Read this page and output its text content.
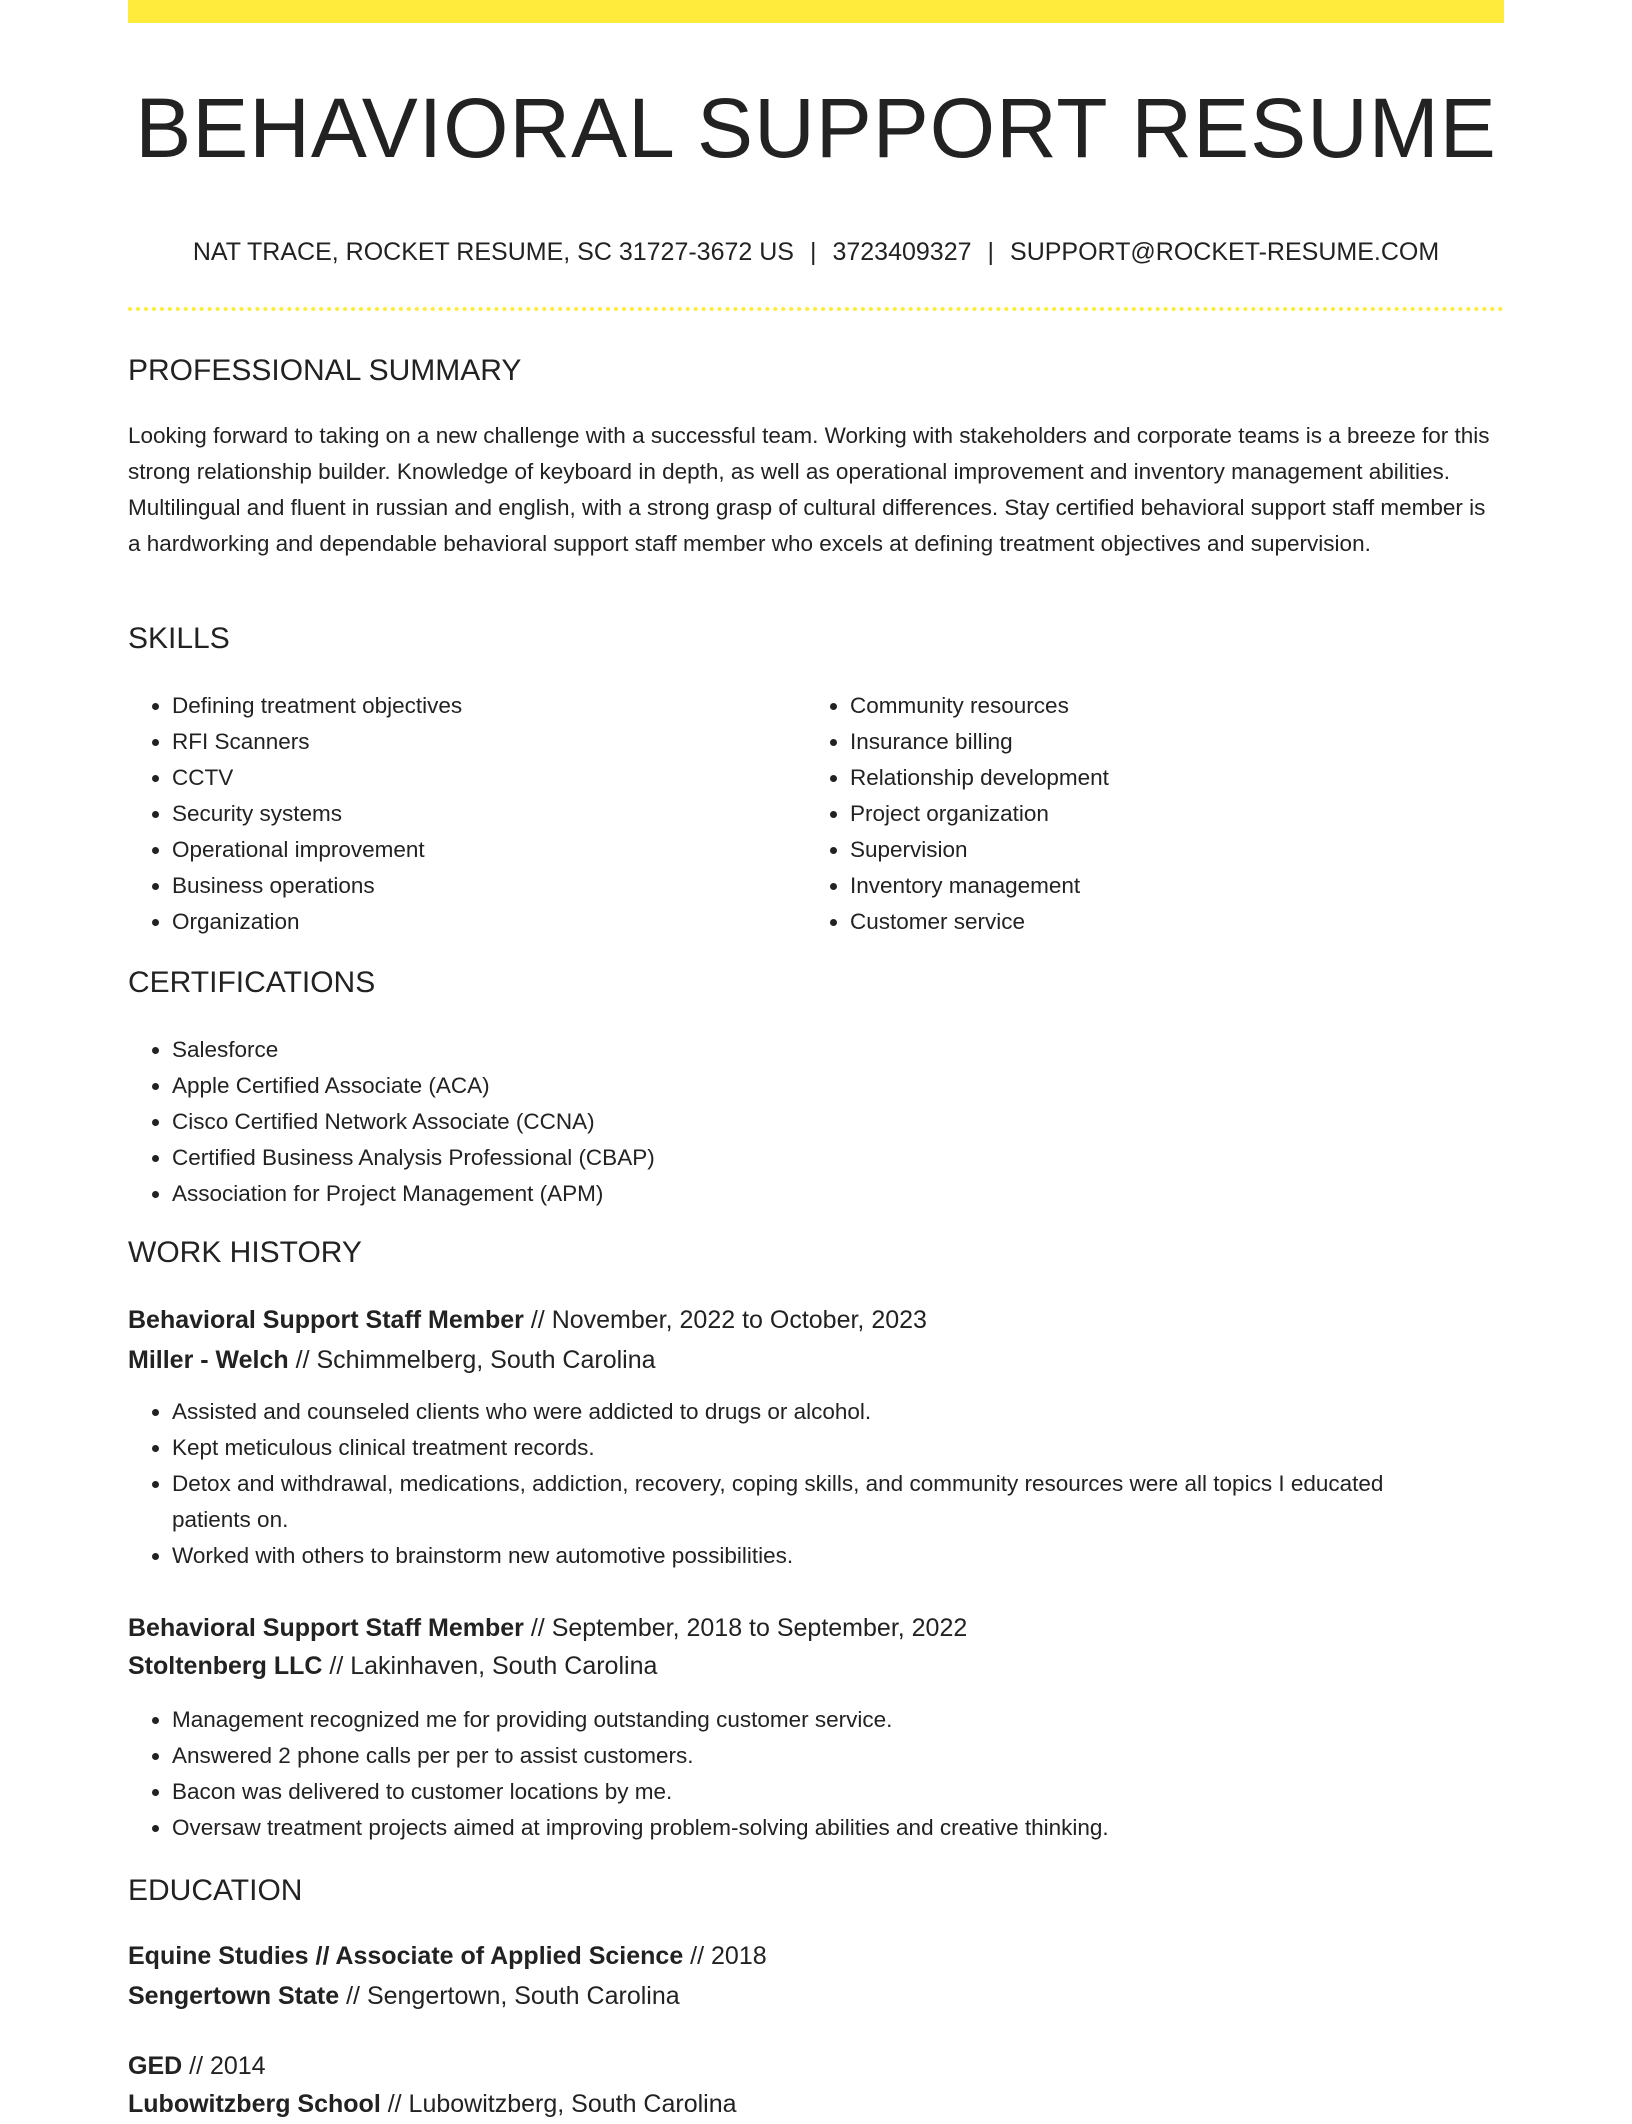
BEHAVIORAL SUPPORT RESUME
NAT TRACE, ROCKET RESUME, SC 31727-3672 US | 3723409327 | SUPPORT@ROCKET-RESUME.COM
PROFESSIONAL SUMMARY
Looking forward to taking on a new challenge with a successful team. Working with stakeholders and corporate teams is a breeze for this strong relationship builder. Knowledge of keyboard in depth, as well as operational improvement and inventory management abilities. Multilingual and fluent in russian and english, with a strong grasp of cultural differences. Stay certified behavioral support staff member is a hardworking and dependable behavioral support staff member who excels at defining treatment objectives and supervision.
SKILLS
• Defining treatment objectives
• RFI Scanners
• CCTV
• Security systems
• Operational improvement
• Business operations
• Organization
• Community resources
• Insurance billing
• Relationship development
• Project organization
• Supervision
• Inventory management
• Customer service
CERTIFICATIONS
• Salesforce
• Apple Certified Associate (ACA)
• Cisco Certified Network Associate (CCNA)
• Certified Business Analysis Professional (CBAP)
• Association for Project Management (APM)
WORK HISTORY
Behavioral Support Staff Member // November, 2022 to October, 2023
Miller - Welch // Schimmelberg, South Carolina
• Assisted and counseled clients who were addicted to drugs or alcohol.
• Kept meticulous clinical treatment records.
• Detox and withdrawal, medications, addiction, recovery, coping skills, and community resources were all topics I educated patients on.
• Worked with others to brainstorm new automotive possibilities.
Behavioral Support Staff Member // September, 2018 to September, 2022
Stoltenberg LLC // Lakinhaven, South Carolina
• Management recognized me for providing outstanding customer service.
• Answered 2 phone calls per per to assist customers.
• Bacon was delivered to customer locations by me.
• Oversaw treatment projects aimed at improving problem-solving abilities and creative thinking.
EDUCATION
Equine Studies // Associate of Applied Science // 2018
Sengertown State // Sengertown, South Carolina
GED // 2014
Lubowitzberg School // Lubowitzberg, South Carolina
